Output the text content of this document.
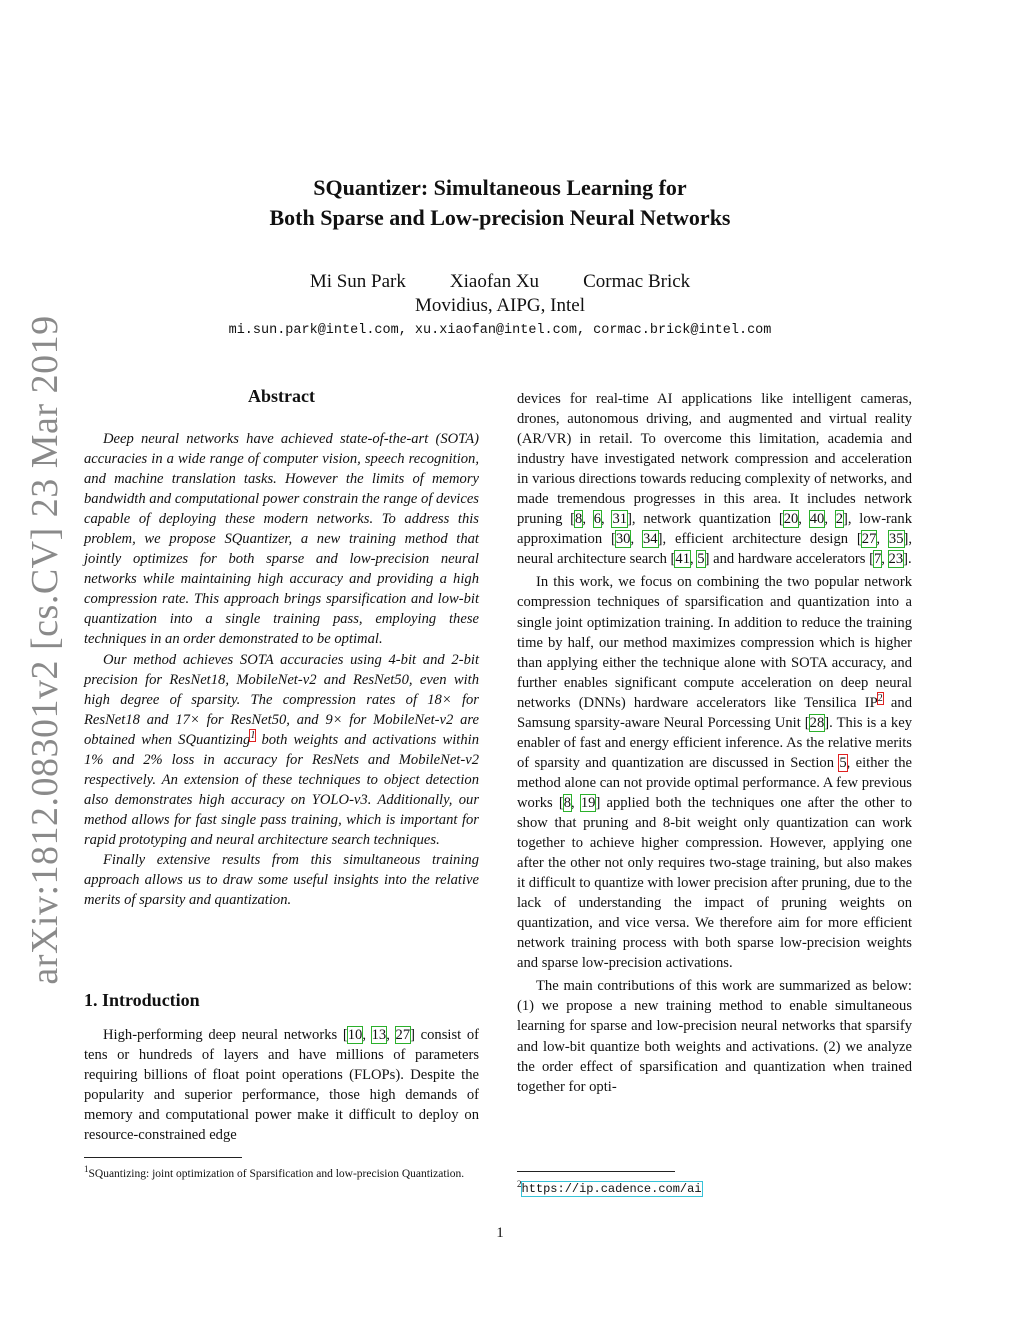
arXiv:1812.08301v2 [cs.CV] 23 Mar 2019
SQuantizer: Simultaneous Learning for
Both Sparse and Low-precision Neural Networks
Mi Sun Park Xiaofan Xu Cormac Brick
Movidius, AIPG, Intel
mi.sun.park@intel.com, xu.xiaofan@intel.com, cormac.brick@intel.com
Abstract

Deep neural networks have achieved state-of-the-art (SOTA) accuracies in a wide range of computer vision, speech recognition, and machine translation tasks. However the limits of memory bandwidth and computational power constrain the range of devices capable of deploying these modern networks. To address this problem, we propose SQuantizer, a new training method that jointly optimizes for both sparse and low-precision neural networks while maintaining high accuracy and providing a high compression rate. This approach brings sparsification and low-bit quantization into a single training pass, employing these techniques in an order demonstrated to be optimal.

Our method achieves SOTA accuracies using 4-bit and 2-bit precision for ResNet18, MobileNet-v2 and ResNet50, even with high degree of sparsity. The compression rates of 18× for ResNet18 and 17× for ResNet50, and 9× for MobileNet-v2 are obtained when SQuantizing$^1$ both weights and activations within 1% and 2% loss in accuracy for ResNets and MobileNet-v2 respectively. An extension of these techniques to object detection also demonstrates high accuracy on YOLO-v3. Additionally, our method allows for fast single pass training, which is important for rapid prototyping and neural architecture search techniques.

Finally extensive results from this simultaneous training approach allows us to draw some useful insights into the relative merits of sparsity and quantization.

1. Introduction

High-performing deep neural networks [10, 13, 27] consist of tens or hundreds of layers and have millions of parameters requiring billions of float point operations (FLOPs). Despite the popularity and superior performance, those high demands of memory and computational power make it difficult to deploy on resource-constrained edge

$^1$SQuantizing: joint optimization of Sparsification and low-precision Quantization.

devices for real-time AI applications like intelligent cameras, drones, autonomous driving, and augmented and virtual reality (AR/VR) in retail. To overcome this limitation, academia and industry have investigated network compression and acceleration in various directions towards reducing complexity of networks, and made tremendous progresses in this area. It includes network pruning [8, 6, 31], network quantization [20, 40, 2], low-rank approximation [30, 34], efficient architecture design [27, 35], neural architecture search [41, 5] and hardware accelerators [7, 23].

In this work, we focus on combining the two popular network compression techniques of sparsification and quantization into a single joint optimization training. In addition to reduce the training time by half, our method maximizes compression which is higher than applying either the technique alone with SOTA accuracy, and further enables significant compute acceleration on deep neural networks (DNNs) hardware accelerators like Tensilica IP$^2$ and Samsung sparsity-aware Neural Porcessing Unit [28]. This is a key enabler of fast and energy efficient inference. As the relative merits of sparsity and quantization are discussed in Section 5, either the method alone can not provide optimal performance. A few previous works [8, 19] applied both the techniques one after the other to show that pruning and 8-bit weight only quantization can work together to achieve higher compression. However, applying one after the other not only requires two-stage training, but also makes it difficult to quantize with lower precision after pruning, due to the lack of understanding the impact of pruning weights on quantization, and vice versa. We therefore aim for more efficient network training process with both sparse low-precision weights and sparse low-precision activations.

The main contributions of this work are summarized as below: (1) we propose a new training method to enable simultaneous learning for sparse and low-precision neural networks that sparsify and low-bit quantize both weights and activations. (2) we analyze the order effect of sparsification and quantization when trained together for opti-

$^2$https://ip.cadence.com/ai
1
